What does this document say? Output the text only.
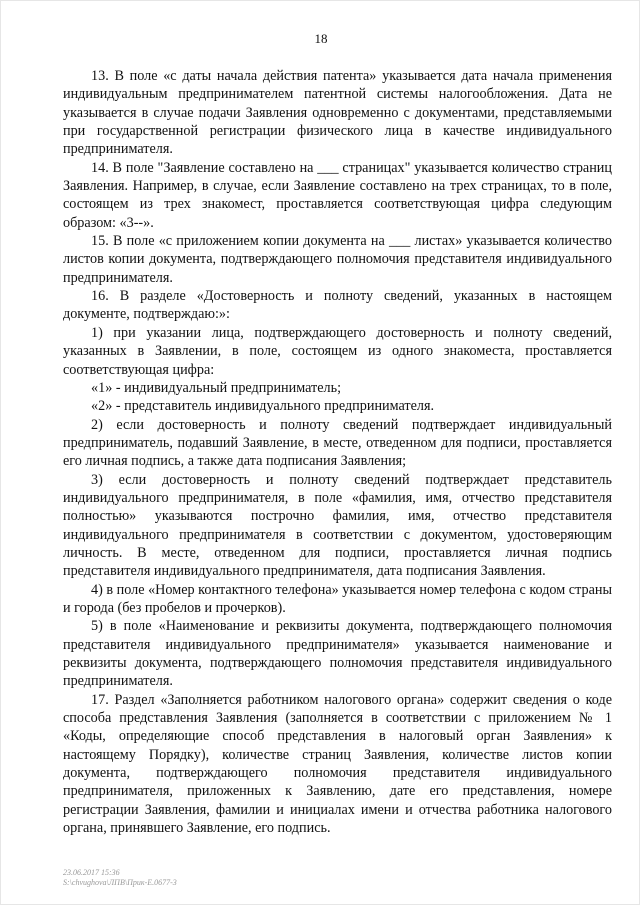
18

13. В поле «с даты начала действия патента» указывается дата начала применения индивидуальным предпринимателем патентной системы налогообложения. Дата не указывается в случае подачи Заявления одновременно с документами, представляемыми при государственной регистрации физического лица в качестве индивидуального предпринимателя.

14. В поле "Заявление составлено на ___ страницах" указывается количество страниц Заявления. Например, в случае, если Заявление составлено на трех страницах, то в поле, состоящем из трех знакомест, проставляется соответствующая цифра следующим образом: «3--».

15. В поле «с приложением копии документа на ___ листах» указывается количество листов копии документа, подтверждающего полномочия представителя индивидуального предпринимателя.

16. В разделе «Достоверность и полноту сведений, указанных в настоящем документе, подтверждаю:»:

1) при указании лица, подтверждающего достоверность и полноту сведений, указанных в Заявлении, в поле, состоящем из одного знакоместа, проставляется соответствующая цифра:

«1» - индивидуальный предприниматель;

«2» - представитель индивидуального предпринимателя.

2) если достоверность и полноту сведений подтверждает индивидуальный предприниматель, подавший Заявление, в месте, отведенном для подписи, проставляется его личная подпись, а также дата подписания Заявления;

3) если достоверность и полноту сведений подтверждает представитель индивидуального предпринимателя, в поле «фамилия, имя, отчество представителя полностью» указываются построчно фамилия, имя, отчество представителя индивидуального предпринимателя в соответствии с документом, удостоверяющим личность. В месте, отведенном для подписи, проставляется личная подпись представителя индивидуального предпринимателя, дата подписания Заявления.

4) в поле «Номер контактного телефона» указывается номер телефона с кодом страны и города (без пробелов и прочерков).

5) в поле «Наименование и реквизиты документа, подтверждающего полномочия представителя индивидуального предпринимателя» указывается наименование и реквизиты документа, подтверждающего полномочия представителя индивидуального предпринимателя.

17. Раздел «Заполняется работником налогового органа» содержит сведения о коде способа представления Заявления (заполняется в соответствии с приложением № 1 «Коды, определяющие способ представления в налоговый орган Заявления» к настоящему Порядку), количестве страниц Заявления, количестве листов копии документа, подтверждающего полномочия представителя индивидуального предпринимателя, приложенных к Заявлению, дате его представления, номере регистрации Заявления, фамилии и инициалах имени и отчества работника налогового органа, принявшего Заявление, его подпись.

23.06.2017 15:36
S:\chvughova\ЛПВ\Прик-Е.0677-3
